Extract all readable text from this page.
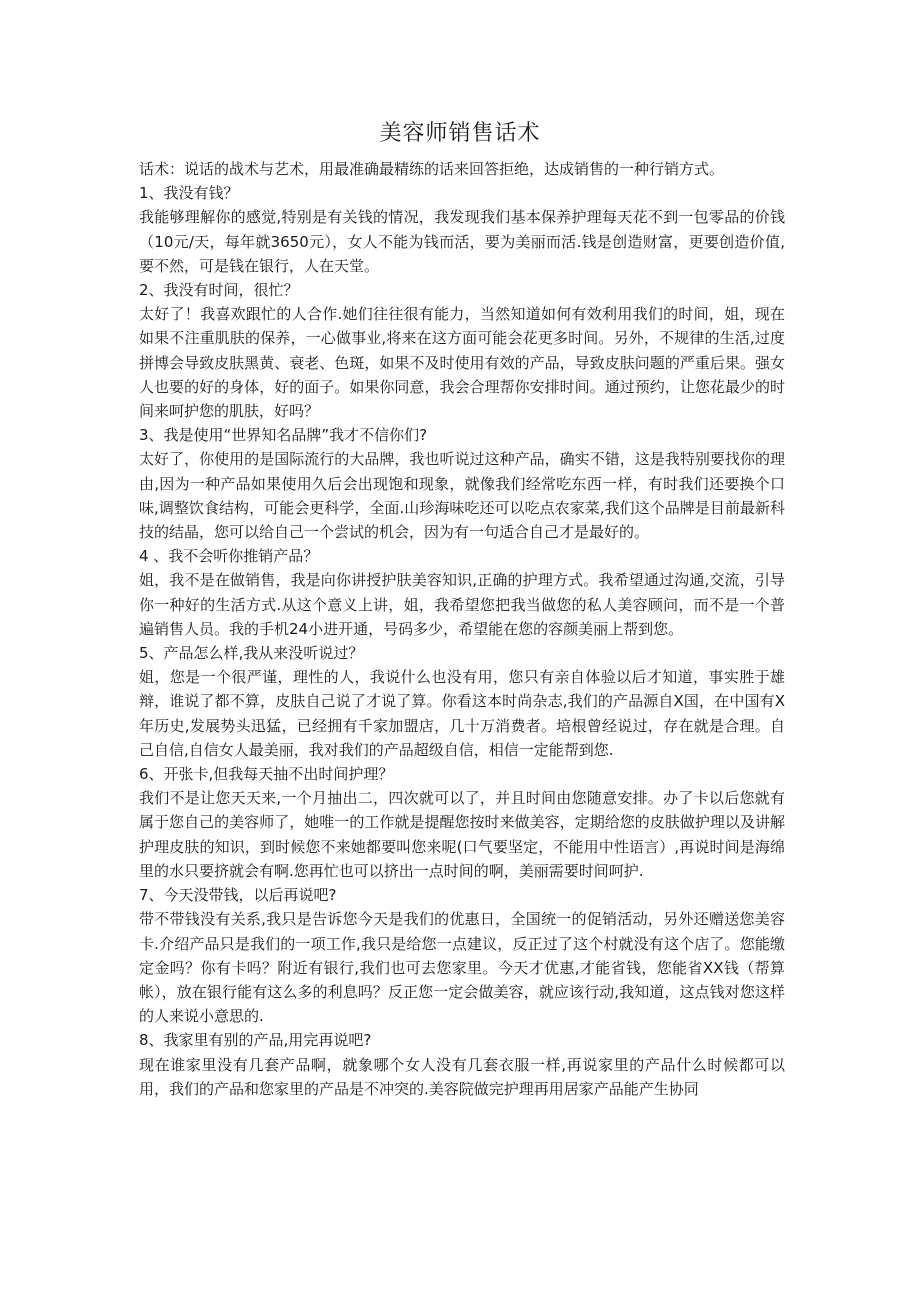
美容师销售话术

话术：说话的战术与艺术，用最准确最精练的话来回答拒绝，达成销售的一种行销方式。

1、我没有钱？

我能够理解你的感觉,特别是有关钱的情况，我发现我们基本保养护理每天花不到一包零品的价钱（10元/天，每年就3650元），女人不能为钱而活，要为美丽而活.钱是创造财富，更要创造价值,要不然，可是钱在银行，人在天堂。

2、我没有时间，很忙？

太好了！我喜欢跟忙的人合作.她们往往很有能力，当然知道如何有效利用我们的时间，姐，现在如果不注重肌肤的保养，一心做事业,将来在这方面可能会花更多时间。另外，不规律的生活,过度拼博会导致皮肤黑黄、衰老、色斑，如果不及时使用有效的产品，导致皮肤问题的严重后果。强女人也要的好的身体，好的面子。如果你同意，我会合理帮你安排时间。通过预约，让您花最少的时间来呵护您的肌肤，好吗？

3、我是使用“世界知名品牌”我才不信你们?

太好了，你使用的是国际流行的大品牌，我也听说过这种产品，确实不错，这是我特别要找你的理由,因为一种产品如果使用久后会出现饱和现象，就像我们经常吃东西一样，有时我们还要换个口味,调整饮食结构，可能会更科学，全面.山珍海味吃还可以吃点农家菜,我们这个品牌是目前最新科技的结晶，您可以给自己一个尝试的机会，因为有一句适合自己才是最好的。

4 、我不会听你推销产品？

姐，我不是在做销售，我是向你讲授护肤美容知识,正确的护理方式。我希望通过沟通,交流，引导你一种好的生活方式.从这个意义上讲，姐，我希望您把我当做您的私人美容顾问，而不是一个普遍销售人员。我的手机24小进开通，号码多少，希望能在您的容颜美丽上帮到您。

5、产品怎么样,我从来没听说过？

姐，您是一个很严谨，理性的人，我说什么也没有用，您只有亲自体验以后才知道，事实胜于雄辩，谁说了都不算，皮肤自己说了才说了算。你看这本时尚杂志,我们的产品源自X国，在中国有X年历史,发展势头迅猛，已经拥有千家加盟店，几十万消费者。培根曾经说过，存在就是合理。自己自信,自信女人最美丽，我对我们的产品超级自信，相信一定能帮到您.

6、开张卡,但我每天抽不出时间护理？

我们不是让您天天来,一个月抽出二，四次就可以了，并且时间由您随意安排。办了卡以后您就有属于您自己的美容师了，她唯一的工作就是提醒您按时来做美容，定期给您的皮肤做护理以及讲解护理皮肤的知识，到时候您不来她都要叫您来呢(口气要坚定，不能用中性语言）,再说时间是海绵里的水只要挤就会有啊.您再忙也可以挤出一点时间的啊，美丽需要时间呵护.

7、今天没带钱，以后再说吧?

带不带钱没有关系,我只是告诉您今天是我们的优惠日，全国统一的促销活动，另外还赠送您美容卡.介绍产品只是我们的一项工作,我只是给您一点建议，反正过了这个村就没有这个店了。您能缴定金吗？你有卡吗？附近有银行,我们也可去您家里。今天才优惠,才能省钱，您能省XX钱（帮算帐），放在银行能有这么多的利息吗？反正您一定会做美容，就应该行动,我知道，这点钱对您这样的人来说小意思的.

8、我家里有别的产品,用完再说吧?

现在谁家里没有几套产品啊，就象哪个女人没有几套衣服一样,再说家里的产品什么时候都可以用，我们的产品和您家里的产品是不冲突的.美容院做完护理再用居家产品能产生协同
